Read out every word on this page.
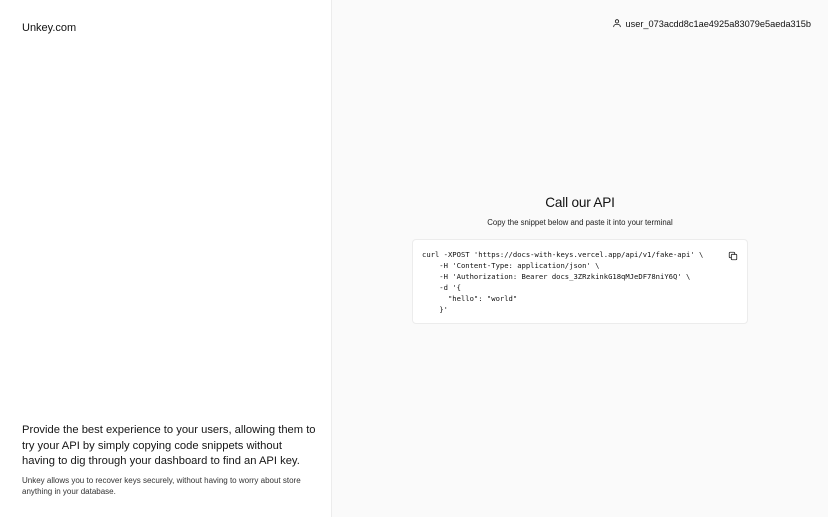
Unkey.com
Provide the best experience to your users, allowing them to try your API by simply copying code snippets without having to dig through your dashboard to find an API key.
Unkey allows you to recover keys securely, without having to worry about store anything in your database.
user_073acdd8c1ae4925a83079e5aeda315b
Call our API
Copy the snippet below and paste it into your terminal
curl -XPOST 'https://docs-with-keys.vercel.app/api/v1/fake-api' \
-H 'Content-Type: application/json' \
-H 'Authorization: Bearer docs_3ZRzkinkG18qMJeDF78niY6Q' \
-d '{
"hello": "world"
}'
